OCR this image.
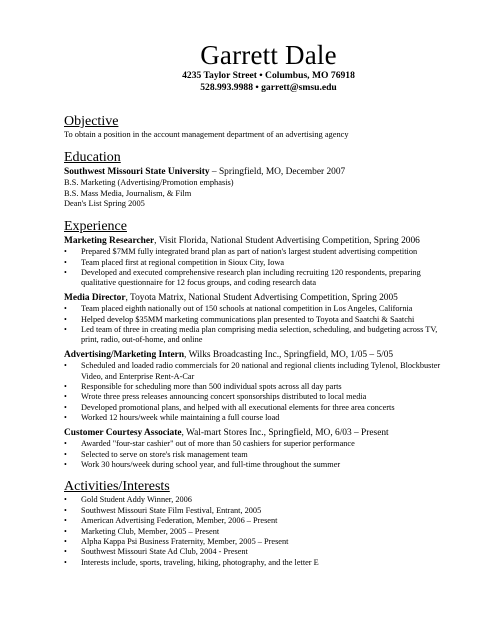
Garrett Dale
4235 Taylor Street • Columbus, MO 76918
528.993.9988 • garrett@smsu.edu
Objective
To obtain a position in the account management department of an advertising agency
Education
Southwest Missouri State University – Springfield, MO, December 2007
B.S. Marketing (Advertising/Promotion emphasis)
B.S. Mass Media, Journalism, & Film
Dean's List Spring 2005
Experience
Marketing Researcher, Visit Florida, National Student Advertising Competition, Spring 2006
• Prepared $7MM fully integrated brand plan as part of nation's largest student advertising competition
• Team placed first at regional competition in Sioux City, Iowa
• Developed and executed comprehensive research plan including recruiting 120 respondents, preparing qualitative questionnaire for 12 focus groups, and coding research data
Media Director, Toyota Matrix, National Student Advertising Competition, Spring 2005
• Team placed eighth nationally out of 150 schools at national competition in Los Angeles, California
• Helped develop $35MM marketing communications plan presented to Toyota and Saatchi & Saatchi
• Led team of three in creating media plan comprising media selection, scheduling, and budgeting across TV, print, radio, out-of-home, and online
Advertising/Marketing Intern, Wilks Broadcasting Inc., Springfield, MO, 1/05 – 5/05
• Scheduled and loaded radio commercials for 20 national and regional clients including Tylenol, Blockbuster Video, and Enterprise Rent-A-Car
• Responsible for scheduling more than 500 individual spots across all day parts
• Wrote three press releases announcing concert sponsorships distributed to local media
• Developed promotional plans, and helped with all executional elements for three area concerts
• Worked 12 hours/week while maintaining a full course load
Customer Courtesy Associate, Wal-mart Stores Inc., Springfield, MO, 6/03 – Present
• Awarded "four-star cashier" out of more than 50 cashiers for superior performance
• Selected to serve on store's risk management team
• Work 30 hours/week during school year, and full-time throughout the summer
Activities/Interests
• Gold Student Addy Winner, 2006
• Southwest Missouri State Film Festival, Entrant, 2005
• American Advertising Federation, Member, 2006 – Present
• Marketing Club, Member, 2005 – Present
• Alpha Kappa Psi Business Fraternity, Member, 2005 – Present
• Southwest Missouri State Ad Club, 2004 - Present
• Interests include, sports, traveling, hiking, photography, and the letter E
